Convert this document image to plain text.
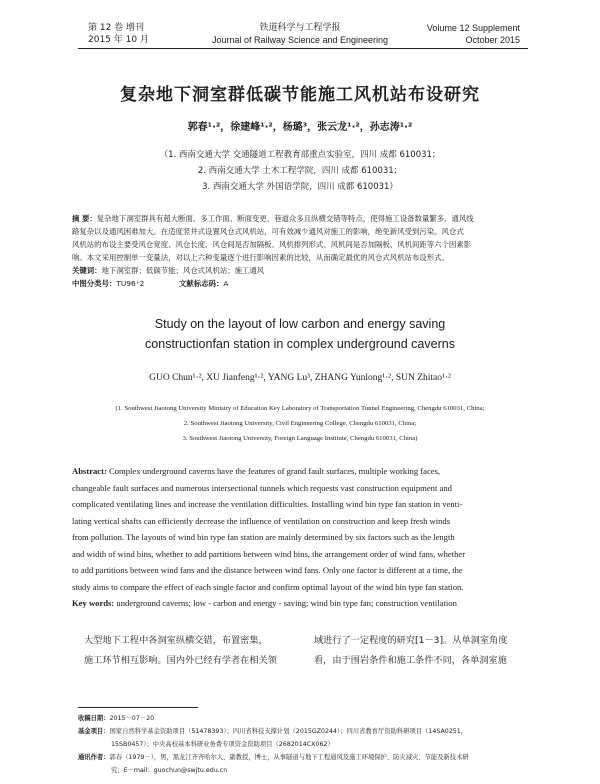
第 12 卷 增刊
2015 年 10 月
铁道科学与工程学报
Journal of Railway Science and Engineering
Volume 12 Supplement
October 2015
复杂地下洞室群低碳节能施工风机站布设研究
郭春¹·²，徐建峰¹·²，杨璐³，张云龙¹·²，孙志涛¹·²
（1. 西南交通大学 交通隧道工程教育部重点实验室，四川 成都 610031；
2. 西南交通大学 土木工程学院，四川 成都 610031；
3. 西南交通大学 外国语学院，四川 成都 610031）
摘 要：复杂地下洞室群具有超大断面、多工作面、断面变更、巷道众多且纵横交错等特点，使得施工设备数量繁多、通风线
路复杂以及通风困难加大。在适度竖井式设置风仓式风机站，可有效减少通风对施工的影响，绝免新风受到污染。风仓式
风机站的布设主要受风仓宽度、风仓长度、风仓间是否加隔板、风机排列形式、风机间是否加隔板、风机间距等六个因素影
响。本文采用控制单一变量法，对以上六种变量逐个进行影响因素的比较，从而确定最优的风仓式风机站布设形式。
关键词：地下洞室群；低碳节能；风仓式风机站；施工通风
中图分类号：TU96⁺2	文献标志码：A
Study on the layout of low carbon and energy saving
constructionfan station in complex underground caverns
GUO Chun¹·², XU Jianfeng¹·², YANG Lu³, ZHANG Yunlong¹·², SUN Zhitao¹·²
(1. Southwest Jiaotong University Ministry of Education Key Laboratory of Transportation Tunnel Engineering, Chengdu 610031, China;
2. Southwest Jiaotong University, Civil Engineering College, Chengdu 610031, China;
3. Southwest Jiaotong University, Foreign Language Institute, Chengdu 610031, China)
Abstract: Complex underground caverns have the features of grand fault surfaces, multiple working faces,
changeable fault surfaces and numerous intersectional tunnels which requests vast construction equipment and
complicated ventilating lines and increase the ventilation difficulties. Installing wind bin type fan station in venti-
lating vertical shafts can efficiently decrease the influence of ventilation on construction and keep fresh winds
from pollution. The layouts of wind bin type fan station are mainly determined by six factors such as the length
and width of wind bins, whether to add partitions between wind bins, the arrangement order of wind fans, whether
to add partitions between wind fans and the distance between wind fans. Only one factor is different at a time, the
study aims to compare the effect of each single factor and confirm optimal layout of the wind bin type fan station.
Key words: underground caverns; low - carbon and energy - saving; wind bin type fan; construction ventilation
大型地下工程中各洞室纵横交错，布置密集，
施工环节相互影响。国内外已经有学者在相关领
域进行了一定程度的研究[1－3]。从单洞室角度
看，由于围岩条件和施工条件不同，各单洞室施
收稿日期：2015－07－20
基金项目：国家自然科学基金资助项目（51478393）；四川省科技支撑计划（2015GZ0244）；四川省教育厅资助科研项目（14SA0251，
15SB0457）；中央高校基本科研业务费专项资金资助项目（2682014CX062）
通讯作者：郭春（1979－），男，黑龙江齐齐哈尔人，副教授，博士，从事隧道与地下工程通风及施工环境保护、防灾减灾、节能及新技术研
究；E－mail：guochun@swjtu.edu.cn
